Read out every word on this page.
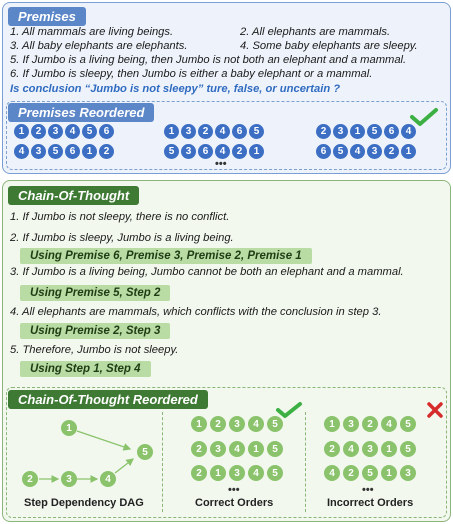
Premises
1. All mammals are living beings.	2. All elephants are mammals.
3. All baby elephants are elephants.	4. Some baby elephants are sleepy.
5. If Jumbo is a living being, then Jumbo is not both an elephant and a mammal.
6. If Jumbo is sleepy, then Jumbo is either a baby elephant or a mammal.
Is conclusion “Jumbo is not sleepy” ture, false, or uncertain ?
Premises Reordered
1	2	3	4	5	6
4	3	5	6	1	2
1	3	2	4	6	5
5	3	6	4	2	1
2	3	1	5	6	4
6	5	4	3	2	1
•••
Chain-Of-Thought
1. If Jumbo is not sleepy, there is no conflict.
2. If Jumbo is sleepy, Jumbo is a living being.
Using Premise 6, Premise 3, Premise 2, Premise 1
3. If Jumbo is a living being, Jumbo cannot be both an elephant and a mammal.
Using Premise 5, Step 2
4. All elephants are mammals, which conflicts with the conclusion in step 3.
Using Premise 2, Step 3
5. Therefore, Jumbo is not sleepy.
Using Step 1, Step 4
Chain-Of-Thought Reordered
1
2	3	4
5
Step Dependency DAG
1	2	3	4	5
2	3	4	1	5
2	1	3	4	5
•••
Correct Orders
1	3	2	4	5
2	4	3	1	5
4	2	5	1	3
•••
Incorrect Orders
